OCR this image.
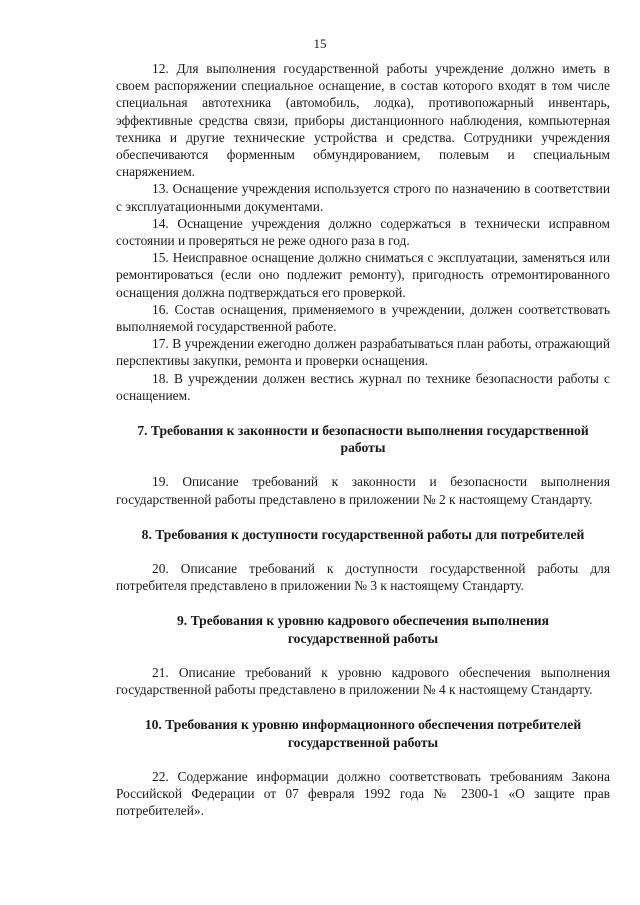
15

12. Для выполнения государственной работы учреждение должно иметь в своем распоряжении специальное оснащение, в состав которого входят в том числе специальная автотехника (автомобиль, лодка), противопожарный инвентарь, эффективные средства связи, приборы дистанционного наблюдения, компьютерная техника и другие технические устройства и средства. Сотрудники учреждения обеспечиваются форменным обмундированием, полевым и специальным снаряжением.

13. Оснащение учреждения используется строго по назначению в соответствии с эксплуатационными документами.

14. Оснащение учреждения должно содержаться в технически исправном состоянии и проверяться не реже одного раза в год.

15. Неисправное оснащение должно сниматься с эксплуатации, заменяться или ремонтироваться (если оно подлежит ремонту), пригодность отремонтированного оснащения должна подтверждаться его проверкой.

16. Состав оснащения, применяемого в учреждении, должен соответствовать выполняемой государственной работе.

17. В учреждении ежегодно должен разрабатываться план работы, отражающий перспективы закупки, ремонта и проверки оснащения.

18. В учреждении должен вестись журнал по технике безопасности работы с оснащением.

7. Требования к законности и безопасности выполнения государственной работы

19. Описание требований к законности и безопасности выполнения государственной работы представлено в приложении № 2 к настоящему Стандарту.

8. Требования к доступности государственной работы для потребителей

20. Описание требований к доступности государственной работы для потребителя представлено в приложении № 3 к настоящему Стандарту.

9. Требования к уровню кадрового обеспечения выполнения государственной работы

21. Описание требований к уровню кадрового обеспечения выполнения государственной работы представлено в приложении № 4 к настоящему Стандарту.

10. Требования к уровню информационного обеспечения потребителей государственной работы

22. Содержание информации должно соответствовать требованиям Закона Российской Федерации от 07 февраля 1992 года № 2300-1 «О защите прав потребителей».
